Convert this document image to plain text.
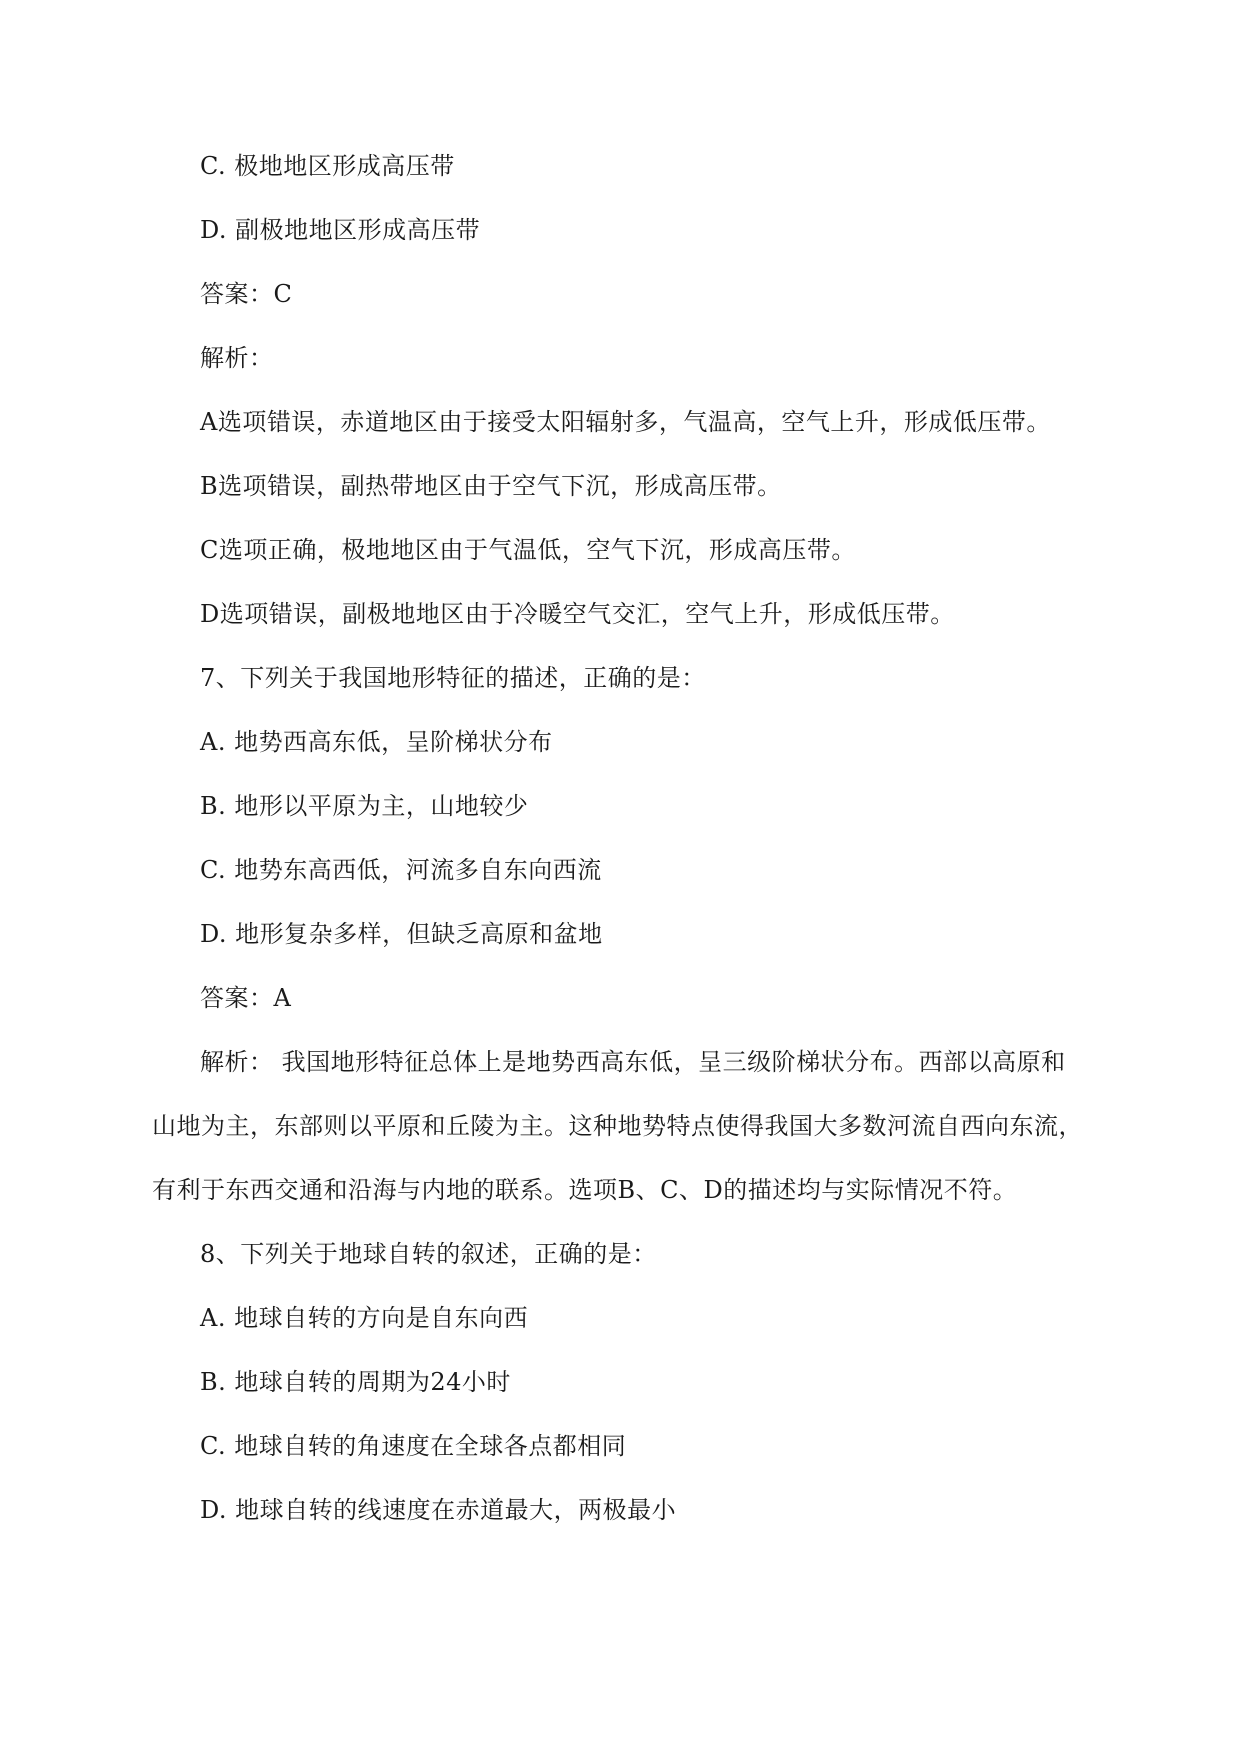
C. 极地地区形成高压带
D. 副极地地区形成高压带
答案：C
解析：
A选项错误，赤道地区由于接受太阳辐射多，气温高，空气上升，形成低压带。
B选项错误，副热带地区由于空气下沉，形成高压带。
C选项正确，极地地区由于气温低，空气下沉，形成高压带。
D选项错误，副极地地区由于冷暖空气交汇，空气上升，形成低压带。
7、下列关于我国地形特征的描述，正确的是：
A. 地势西高东低，呈阶梯状分布
B. 地形以平原为主，山地较少
C. 地势东高西低，河流多自东向西流
D. 地形复杂多样，但缺乏高原和盆地
答案：A
解析： 我国地形特征总体上是地势西高东低，呈三级阶梯状分布。西部以高原和
山地为主，东部则以平原和丘陵为主。这种地势特点使得我国大多数河流自西向东流，
有利于东西交通和沿海与内地的联系。选项B、C、D的描述均与实际情况不符。
8、下列关于地球自转的叙述，正确的是：
A. 地球自转的方向是自东向西
B. 地球自转的周期为24小时
C. 地球自转的角速度在全球各点都相同
D. 地球自转的线速度在赤道最大，两极最小
